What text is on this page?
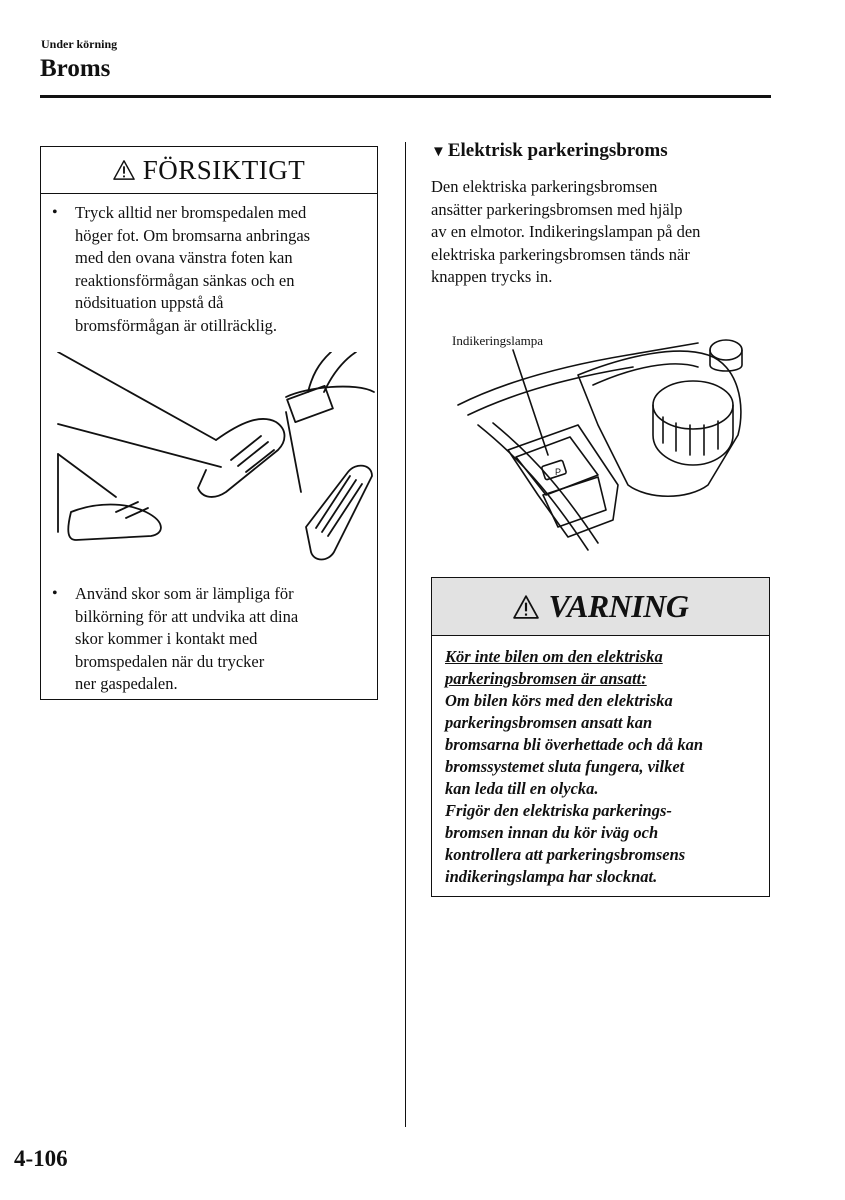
Under körning
Broms
FÖRSIKTIGT
• Tryck alltid ner bromspedalen med
höger fot. Om bromsarna anbringas
med den ovana vänstra foten kan
reaktionsförmågan sänkas och en
nödsituation uppstå då
bromsförmågan är otillräcklig.
• Använd skor som är lämpliga för
bilkörning för att undvika att dina
skor kommer i kontakt med
bromspedalen när du trycker
ner gaspedalen.
▼ Elektrisk parkeringsbroms
Den elektriska parkeringsbromsen
ansätter parkeringsbromsen med hjälp
av en elmotor. Indikeringslampan på den
elektriska parkeringsbromsen tänds när
knappen trycks in.
P
Indikeringslampa
VARNING
Kör inte bilen om den elektriska
parkeringsbromsen är ansatt:
Om bilen körs med den elektriska
parkeringsbromsen ansatt kan
bromsarna bli överhettade och då kan
bromssystemet sluta fungera, vilket
kan leda till en olycka.
Frigör den elektriska parkerings-
bromsen innan du kör iväg och
kontrollera att parkeringsbromsens
indikeringslampa har slocknat.
4-106
